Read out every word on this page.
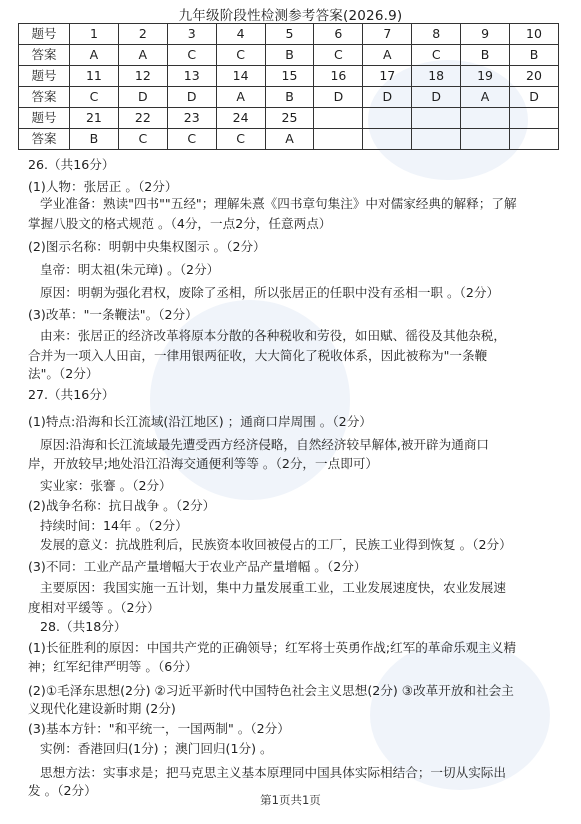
九年级阶段性检测参考答案(2026.9)
题号	1	2	3	4	5	6	7	8	9	10
答案	A	A	C	C	B	C	A	C	B	B
题号	11	12	13	14	15	16	17	18	19	20
答案	C	D	D	A	B	D	D	D	A	D
题号	21	22	23	24	25					
答案	B	C	C	C	A					
26.（共16分）
(1)人物：张居正 。（2分）
学业准备：熟读"四书""五经"；理解朱熹《四书章句集注》中对儒家经典的解释；了解
掌握八股文的格式规范 。（4分，一点2分，任意两点）
(2)图示名称：明朝中央集权图示 。（2分）
皇帝：明太祖(朱元璋) 。（2分）
原因：明朝为强化君权，废除了丞相，所以张居正的任职中没有丞相一职 。（2分）
(3)改革："一条鞭法"。（2分）
由来：张居正的经济改革将原本分散的各种税收和劳役，如田赋、徭役及其他杂税，
合并为一项入人田亩，一律用银两征收，大大简化了税收体系，因此被称为"一条鞭
法"。（2分）
27.（共16分）
(1)特点:沿海和长江流域(沿江地区) ；通商口岸周围 。（2分）
原因:沿海和长江流域最先遭受西方经济侵略，自然经济较早解体,被开辟为通商口
岸，开放较早;地处沿江沿海交通便利等等 。（2分，一点即可）
实业家：张謇 。（2分）
(2)战争名称：抗日战争 。（2分）
持续时间：14年 。（2分）
发展的意义：抗战胜利后，民族资本收回被侵占的工厂，民族工业得到恢复 。（2分）
(3)不同：工业产品产量增幅大于农业产品产量增幅 。（2分）
主要原因：我国实施一五计划，集中力量发展重工业，工业发展速度快，农业发展速
度相对平缓等 。（2分）
28.（共18分）
(1)长征胜利的原因：中国共产党的正确领导；红军将士英勇作战;红军的革命乐观主义精
神；红军纪律严明等 。（6分）
(2)①毛泽东思想(2分) ②习近平新时代中国特色社会主义思想(2分) ③改革开放和社会主
义现代化建设新时期 (2分)
(3)基本方针："和平统一，一国两制" 。（2分）
实例：香港回归(1分) ；澳门回归(1分) 。
思想方法：实事求是；把马克思主义基本原理同中国具体实际相结合；一切从实际出
发 。（2分）
第1页共1页
